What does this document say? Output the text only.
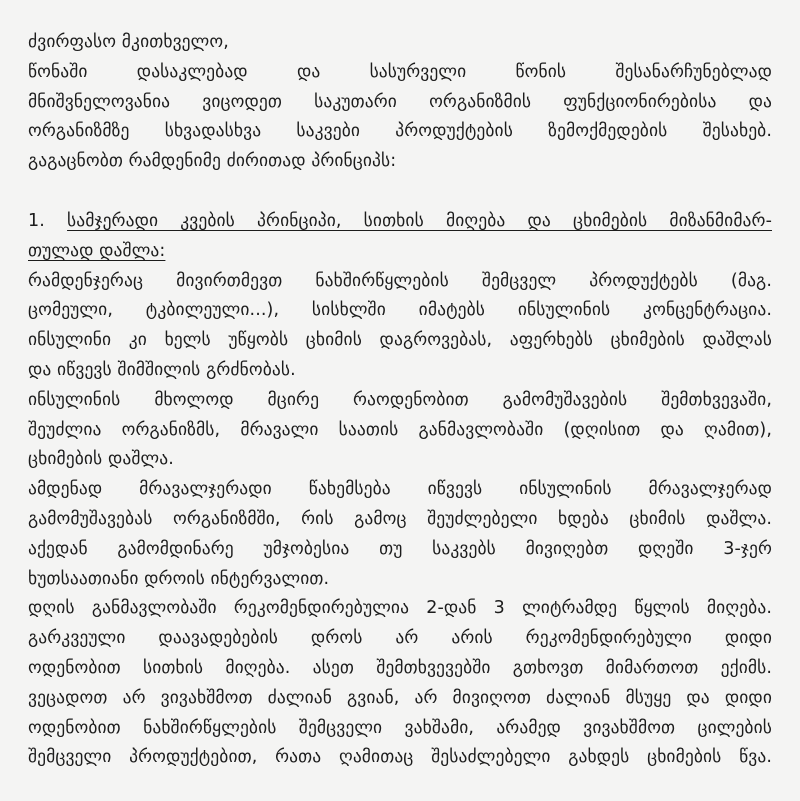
ძვირფასო მკითხველო,
წონაში დასაკლებად და სასურველი წონის შესანარჩუნებლად
მნიშვნელოვანია ვიცოდეთ საკუთარი ორგანიზმის ფუნქციონირებისა და
ორგანიზმზე სხვადასხვა საკვები პროდუქტების ზემოქმედების შესახებ.
გაგაცნობთ რამდენიმე ძირითად პრინციპს:
1. სამჯერადი კვების პრინციპი, სითხის მიღება და ცხიმების მიზანმიმარ-
თულად დაშლა:
რამდენჯერაც მივირთმევთ ნახშირწყლების შემცველ პროდუქტებს (მაგ.
ცომეული, ტკბილეული...), სისხლში იმატებს ინსულინის კონცენტრაცია.
ინსულინი კი ხელს უწყობს ცხიმის დაგროვებას, აფერხებს ცხიმების დაშლას
და იწვევს შიმშილის გრძნობას.
ინსულინის მხოლოდ მცირე რაოდენობით გამომუშავების შემთხვევაში,
შეუძლია ორგანიზმს, მრავალი საათის განმავლობაში (დღისით და ღამით),
ცხიმების დაშლა.
ამდენად მრავალჯერადი წახემსება იწვევს ინსულინის მრავალჯერად
გამომუშავებას ორგანიზმში, რის გამოც შეუძლებელი ხდება ცხიმის დაშლა.
აქედან გამომდინარე უმჯობესია თუ საკვებს მივიღებთ დღეში 3-ჯერ
ხუთსაათიანი დროის ინტერვალით.
დღის განმავლობაში რეკომენდირებულია 2-დან 3 ლიტრამდე წყლის მიღება.
გარკვეული დაავადებების დროს არ არის რეკომენდირებული დიდი
ოდენობით სითხის მიღება. ასეთ შემთხვევებში გთხოვთ მიმართოთ ექიმს.
ვეცადოთ არ ვივახშმოთ ძალიან გვიან, არ მივიღოთ ძალიან მსუყე და დიდი
ოდენობით ნახშირწყლების შემცველი ვახშამი, არამედ ვივახშმოთ ცილების
შემცველი პროდუქტებით, რათა ღამითაც შესაძლებელი გახდეს ცხიმების წვა.
